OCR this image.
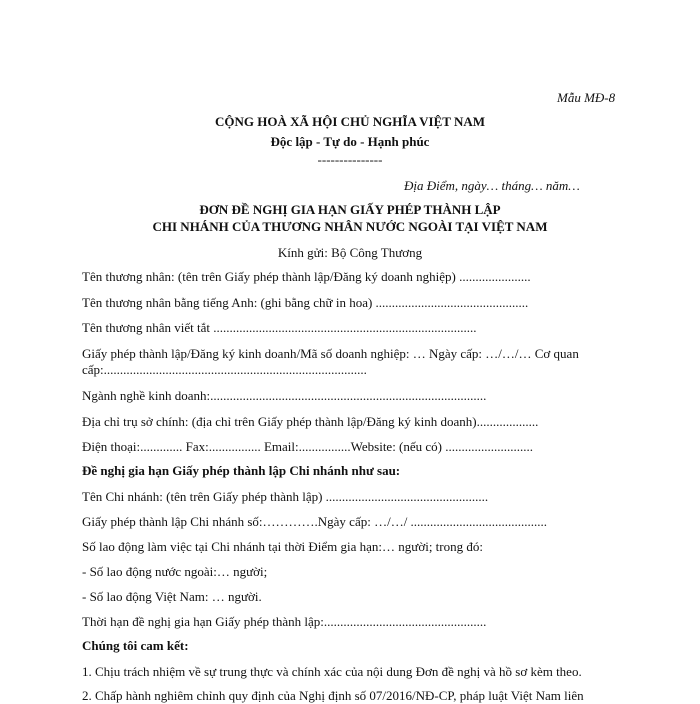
Mẫu MĐ-8
CỘNG HOÀ XÃ HỘI CHỦ NGHĨA VIỆT NAM
Độc lập - Tự do - Hạnh phúc
---------------
Địa Điểm, ngày… tháng… năm…
ĐƠN ĐỀ NGHỊ GIA HẠN GIẤY PHÉP THÀNH LẬP
CHI NHÁNH CỦA THƯƠNG NHÂN NƯỚC NGOÀI TẠI VIỆT NAM
Kính gửi: Bộ Công Thương
Tên thương nhân: (tên trên Giấy phép thành lập/Đăng ký doanh nghiệp) ......................
Tên thương nhân bằng tiếng Anh: (ghi bằng chữ in hoa) ...............................................
Tên thương nhân viết tắt .................................................................................
Giấy phép thành lập/Đăng ký kinh doanh/Mã số doanh nghiệp: … Ngày cấp: …/…/… Cơ quan
cấp:.................................................................................
Ngành nghề kinh doanh:.....................................................................................
Địa chỉ trụ sở chính: (địa chỉ trên Giấy phép thành lập/Đăng ký kinh doanh)...................
Điện thoại:............. Fax:................ Email:................Website: (nếu có) ...........................
Đề nghị gia hạn Giấy phép thành lập Chi nhánh như sau:
Tên Chi nhánh: (tên trên Giấy phép thành lập) ..................................................
Giấy phép thành lập Chi nhánh số:………….Ngày cấp: …/…/ ..........................................
Số lao động làm việc tại Chi nhánh tại thời Điểm gia hạn:… người; trong đó:
- Số lao động nước ngoài:… người;
- Số lao động Việt Nam: … người.
Thời hạn đề nghị gia hạn Giấy phép thành lập:..................................................
Chúng tôi cam kết:
1. Chịu trách nhiệm về sự trung thực và chính xác của nội dung Đơn đề nghị và hồ sơ kèm theo.
2. Chấp hành nghiêm chỉnh quy định của Nghị định số 07/2016/NĐ-CP, pháp luật Việt Nam liên
